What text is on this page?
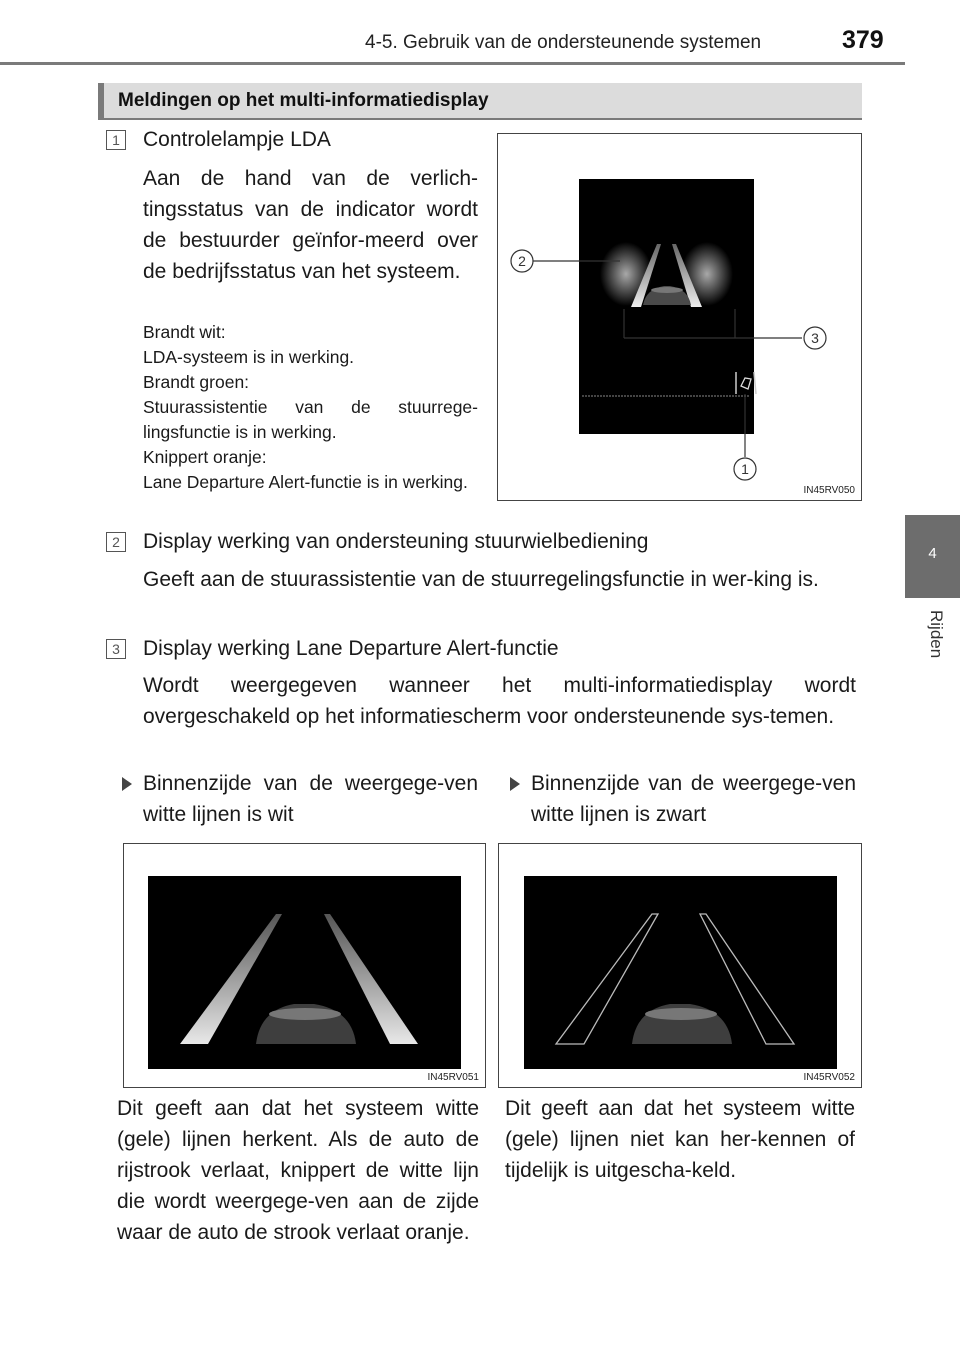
4-5. Gebruik van de ondersteunende systemen	379
4
Rijden
Meldingen op het multi-informatiedisplay
1 Controlelampje LDA
Aan de hand van de verlich-tingsstatus van de indicator wordt de bestuurder geïnfor-meerd over de bedrijfsstatus van het systeem.
Brandt wit:
LDA-systeem is in werking.
Brandt groen:
Stuurassistentie van de stuurrege-lingsfunctie is in werking.
Knippert oranje:
Lane Departure Alert-functie is in werking.
2
3
1
IN45RV050
2 Display werking van ondersteuning stuurwielbediening
Geeft aan de stuurassistentie van de stuurregelingsfunctie in wer-king is.
3 Display werking Lane Departure Alert-functie
Wordt weergegeven wanneer het multi-informatiedisplay wordt overgeschakeld op het informatiescherm voor ondersteunende sys-temen.
Binnenzijde van de weergege-ven witte lijnen is wit
Binnenzijde van de weergege-ven witte lijnen is zwart
IN45RV051	IN45RV052
Dit geeft aan dat het systeem witte (gele) lijnen herkent. Als de auto de rijstrook verlaat, knippert de witte lijn die wordt weergege-ven aan de zijde waar de auto de strook verlaat oranje.
Dit geeft aan dat het systeem witte (gele) lijnen niet kan her-kennen of tijdelijk is uitgescha-keld.
